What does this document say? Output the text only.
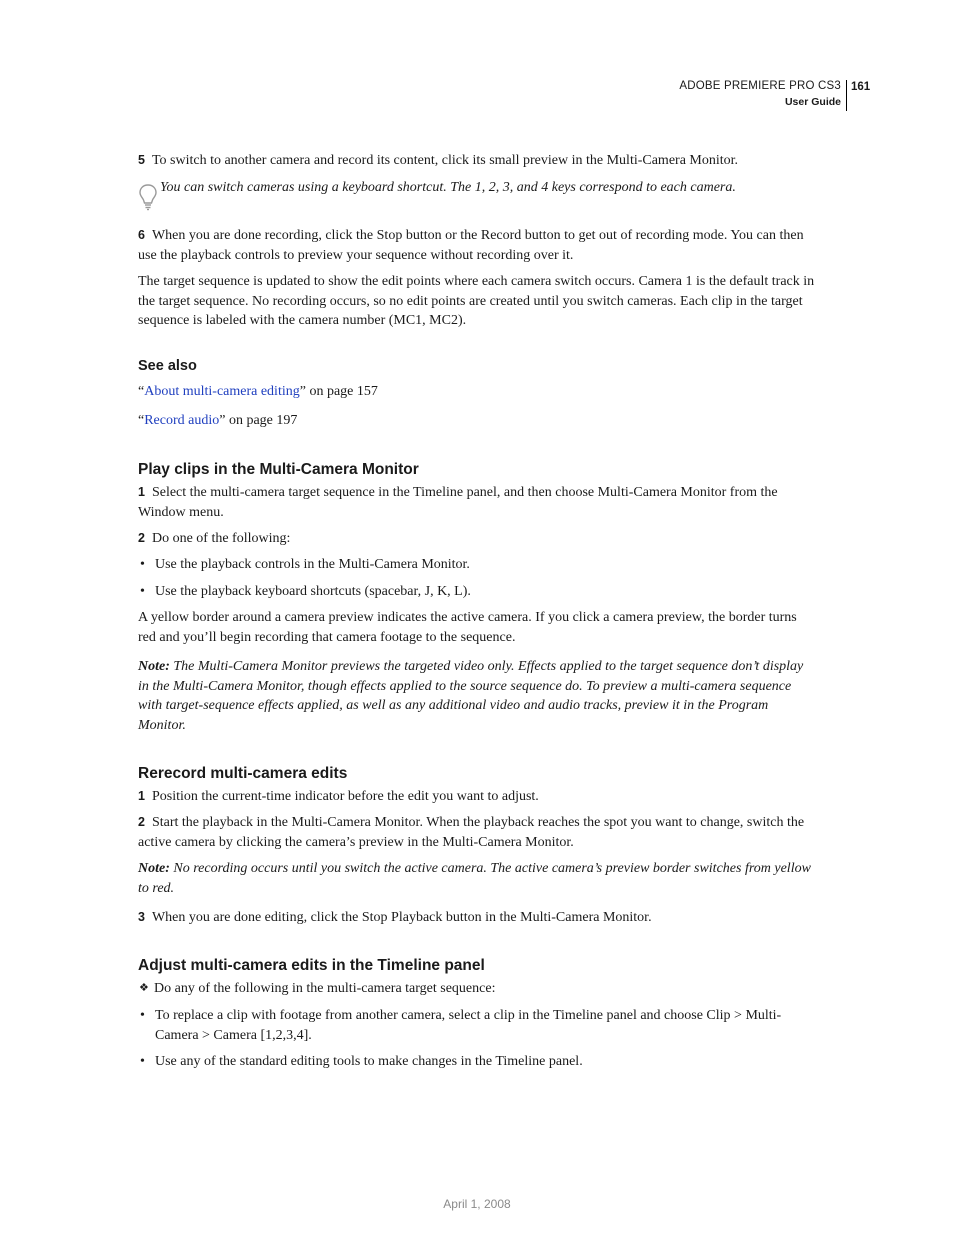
ADOBE PREMIERE PRO CS3
User Guide
161

5 To switch to another camera and record its content, click its small preview in the Multi-Camera Monitor.

You can switch cameras using a keyboard shortcut. The 1, 2, 3, and 4 keys correspond to each camera.

6 When you are done recording, click the Stop button or the Record button to get out of recording mode. You can then use the playback controls to preview your sequence without recording over it.

The target sequence is updated to show the edit points where each camera switch occurs. Camera 1 is the default track in the target sequence. No recording occurs, so no edit points are created until you switch cameras. Each clip in the target sequence is labeled with the camera number (MC1, MC2).

See also

“About multi-camera editing” on page 157

“Record audio” on page 197

Play clips in the Multi-Camera Monitor

1 Select the multi-camera target sequence in the Timeline panel, and then choose Multi-Camera Monitor from the Window menu.

2 Do one of the following:

• Use the playback controls in the Multi-Camera Monitor.
• Use the playback keyboard shortcuts (spacebar, J, K, L).

A yellow border around a camera preview indicates the active camera. If you click a camera preview, the border turns red and you’ll begin recording that camera footage to the sequence.

Note: The Multi-Camera Monitor previews the targeted video only. Effects applied to the target sequence don’t display in the Multi-Camera Monitor, though effects applied to the source sequence do. To preview a multi-camera sequence with target-sequence effects applied, as well as any additional video and audio tracks, preview it in the Program Monitor.

Rerecord multi-camera edits

1 Position the current-time indicator before the edit you want to adjust.

2 Start the playback in the Multi-Camera Monitor. When the playback reaches the spot you want to change, switch the active camera by clicking the camera’s preview in the Multi-Camera Monitor.

Note: No recording occurs until you switch the active camera. The active camera’s preview border switches from yellow to red.

3 When you are done editing, click the Stop Playback button in the Multi-Camera Monitor.

Adjust multi-camera edits in the Timeline panel
❖ Do any of the following in the multi-camera target sequence:
• To replace a clip with footage from another camera, select a clip in the Timeline panel and choose Clip > Multi-Camera > Camera [1,2,3,4].
• Use any of the standard editing tools to make changes in the Timeline panel.
April 1, 2008
